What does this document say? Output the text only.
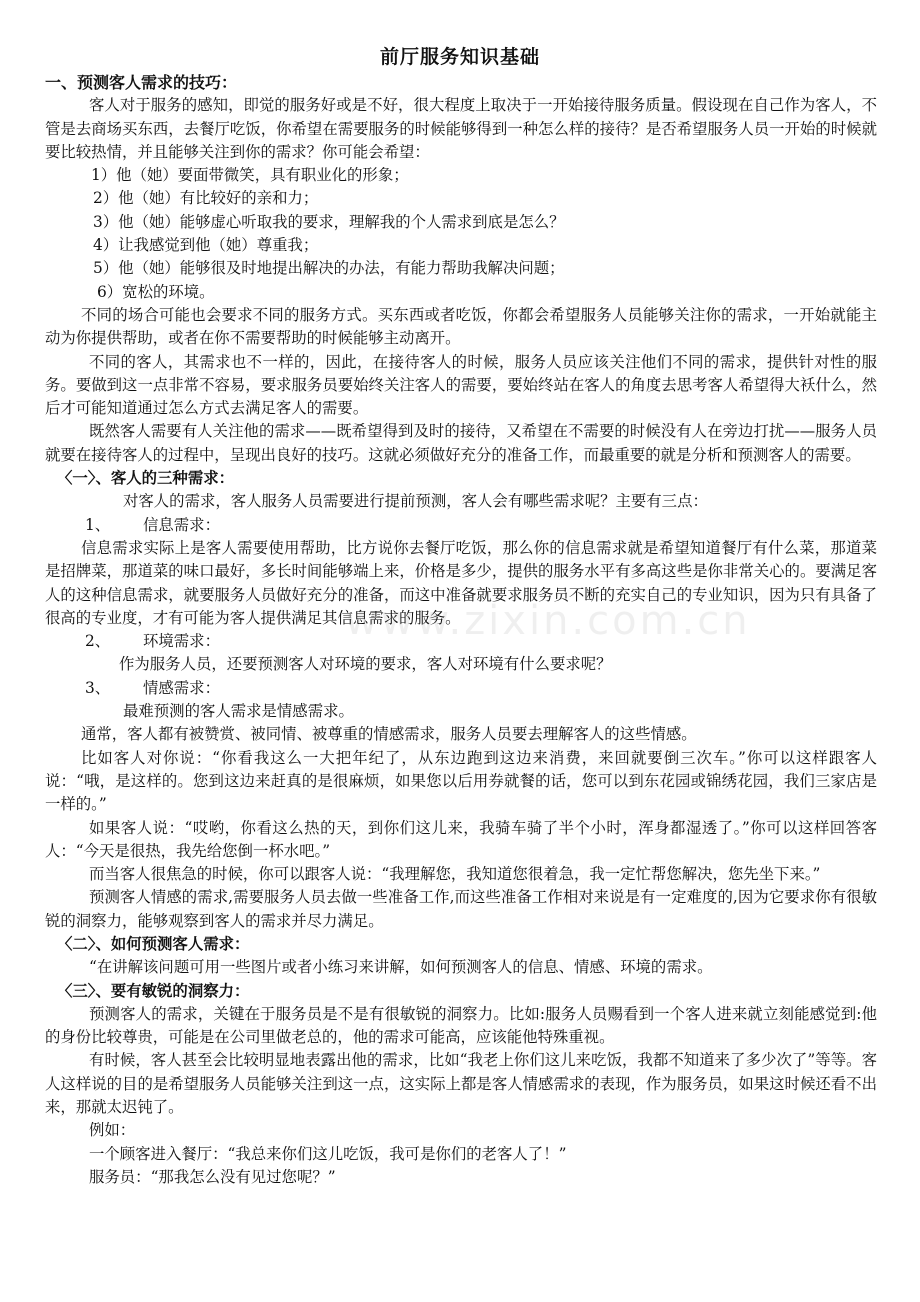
前厅服务知识基础
一、预测客人需求的技巧：

客人对于服务的感知，即觉的服务好或是不好，很大程度上取决于一开始接待服务质量。假设现在自己作为客人，不管是去商场买东西，去餐厅吃饭，你希望在需要服务的时候能够得到一种怎么样的接待？是否希望服务人员一开始的时候就要比较热情，并且能够关注到你的需求？你可能会希望：

1）他（她）要面带微笑，具有职业化的形象；
2）他（她）有比较好的亲和力；
3）他（她）能够虚心听取我的要求，理解我的个人需求到底是怎么？
4）让我感觉到他（她）尊重我；
5）他（她）能够很及时地提出解决的办法，有能力帮助我解决问题；
6）宽松的环境。

不同的场合可能也会要求不同的服务方式。买东西或者吃饭，你都会希望服务人员能够关注你的需求，一开始就能主动为你提供帮助，或者在你不需要帮助的时候能够主动离开。

不同的客人，其需求也不一样的，因此，在接待客人的时候，服务人员应该关注他们不同的需求，提供针对性的服务。要做到这一点非常不容易，要求服务员要始终关注客人的需要，要始终站在客人的角度去思考客人希望得大袄什么，然后才可能知道通过怎么方式去满足客人的需要。

既然客人需要有人关注他的需求——既希望得到及时的接待，又希望在不需要的时候没有人在旁边打扰——服务人员就要在接待客人的过程中，呈现出良好的技巧。这就必须做好充分的准备工作，而最重要的就是分析和预测客人的需要。

〈一〉、客人的三种需求：

对客人的需求，客人服务人员需要进行提前预测，客人会有哪些需求呢？主要有三点：

1、 信息需求：

信息需求实际上是客人需要使用帮助，比方说你去餐厅吃饭，那么你的信息需求就是希望知道餐厅有什么菜，那道菜是招牌菜，那道菜的味口最好，多长时间能够端上来，价格是多少，提供的服务水平有多高这些是你非常关心的。要满足客人的这种信息需求，就要服务人员做好充分的准备，而这中准备就要求服务员不断的充实自己的专业知识，因为只有具备了很高的专业度，才有可能为客人提供满足其信息需求的服务。

2、 环境需求：

作为服务人员，还要预测客人对环境的要求，客人对环境有什么要求呢？

3、 情感需求：

最难预测的客人需求是情感需求。

通常，客人都有被赞赏、被同情、被尊重的情感需求，服务人员要去理解客人的这些情感。

比如客人对你说：“你看我这么一大把年纪了，从东边跑到这边来消费，来回就要倒三次车。”你可以这样跟客人说：“哦，是这样的。您到这边来赶真的是很麻烦，如果您以后用券就餐的话，您可以到东花园或锦绣花园，我们三家店是一样的。”

如果客人说：“哎哟，你看这么热的天，到你们这儿来，我骑车骑了半个小时，浑身都湿透了。”你可以这样回答客人：“今天是很热，我先给您倒一杯水吧。”

而当客人很焦急的时候，你可以跟客人说：“我理解您，我知道您很着急，我一定忙帮您解决，您先坐下来。”

预测客人情感的需求,需要服务人员去做一些准备工作,而这些准备工作相对来说是有一定难度的,因为它要求你有很敏锐的洞察力，能够观察到客人的需求并尽力满足。

〈二〉、如何预测客人需求：

“在讲解该问题可用一些图片或者小练习来讲解，如何预测客人的信息、情感、环境的需求。

〈三〉、要有敏锐的洞察力：

预测客人的需求，关键在于服务员是不是有很敏锐的洞察力。比如:服务人员赐看到一个客人进来就立刻能感觉到:他的身份比较尊贵，可能是在公司里做老总的，他的需求可能高，应该能他特殊重视。

有时候，客人甚至会比较明显地表露出他的需求，比如“我老上你们这儿来吃饭，我都不知道来了多少次了”等等。客人这样说的目的是希望服务人员能够关注到这一点，这实际上都是客人情感需求的表现，作为服务员，如果这时候还看不出来，那就太迟钝了。

例如：

一个顾客进入餐厅：“我总来你们这儿吃饭，我可是你们的老客人了！”

服务员：“那我怎么没有见过您呢？”

www.zixin.com.cn
